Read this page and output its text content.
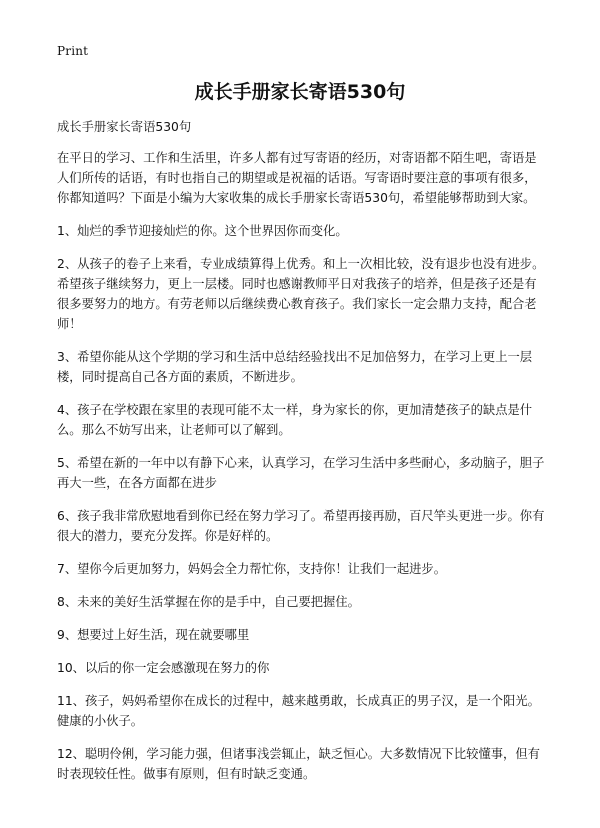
Print
成长手册家长寄语530句

成长手册家长寄语530句

在平日的学习、工作和生活里，许多人都有过写寄语的经历，对寄语都不陌生吧，寄语是人们所传的话语，有时也指自己的期望或是祝福的话语。写寄语时要注意的事项有很多，你都知道吗？下面是小编为大家收集的成长手册家长寄语530句，希望能够帮助到大家。

1、灿烂的季节迎接灿烂的你。这个世界因你而变化。

2、从孩子的卷子上来看，专业成绩算得上优秀。和上一次相比较，没有退步也没有进步。希望孩子继续努力，更上一层楼。同时也感谢教师平日对我孩子的培养，但是孩子还是有很多要努力的地方。有劳老师以后继续费心教育孩子。我们家长一定会鼎力支持，配合老师！

3、希望你能从这个学期的学习和生活中总结经验找出不足加倍努力，在学习上更上一层楼，同时提高自己各方面的素质，不断进步。

4、孩子在学校跟在家里的表现可能不太一样，身为家长的你，更加清楚孩子的缺点是什么。那么不妨写出来，让老师可以了解到。

5、希望在新的一年中以有静下心来，认真学习，在学习生活中多些耐心，多动脑子，胆子再大一些，在各方面都在进步

6、孩子我非常欣慰地看到你已经在努力学习了。希望再接再励，百尺竿头更进一步。你有很大的潜力，要充分发挥。你是好样的。

7、望你今后更加努力，妈妈会全力帮忙你，支持你！让我们一起进步。

8、未来的美好生活掌握在你的是手中，自己要把握住。

9、想要过上好生活，现在就要哪里

10、以后的你一定会感激现在努力的你

11、孩子，妈妈希望你在成长的过程中，越来越勇敢，长成真正的男子汉，是一个阳光。健康的小伙子。

12、聪明伶俐，学习能力强，但诸事浅尝辄止，缺乏恒心。大多数情况下比较懂事，但有时表现较任性。做事有原则，但有时缺乏变通。
